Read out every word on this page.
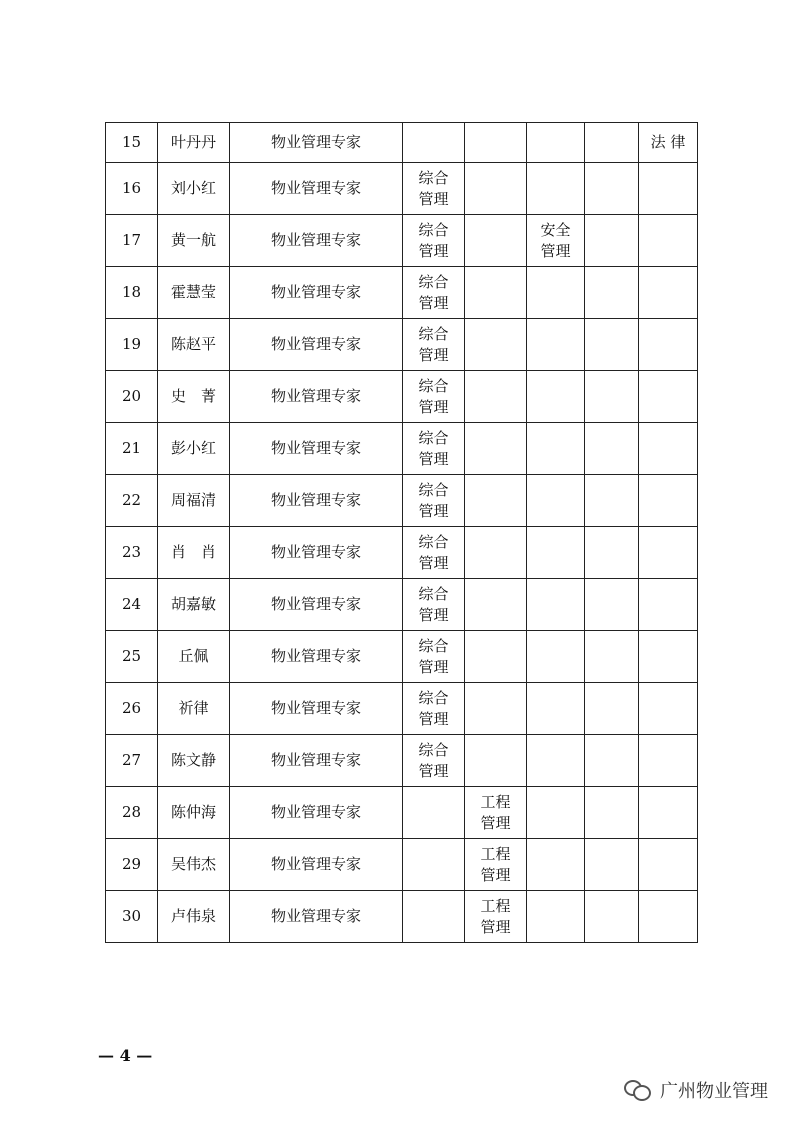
15	叶丹丹	物业管理专家					法 律
16	刘小红	物业管理专家	综合管理				
17	黄一航	物业管理专家	综合管理		安全管理		
18	霍慧莹	物业管理专家	综合管理				
19	陈赵平	物业管理专家	综合管理				
20	史　菁	物业管理专家	综合管理				
21	彭小红	物业管理专家	综合管理				
22	周福清	物业管理专家	综合管理				
23	肖　肖	物业管理专家	综合管理				
24	胡嘉敏	物业管理专家	综合管理				
25	丘佩	物业管理专家	综合管理				
26	祈律	物业管理专家	综合管理				
27	陈文静	物业管理专家	综合管理				
28	陈仲海	物业管理专家		工程管理			
29	吴伟杰	物业管理专家		工程管理			
30	卢伟泉	物业管理专家		工程管理			
— 4 —
广州物业管理
